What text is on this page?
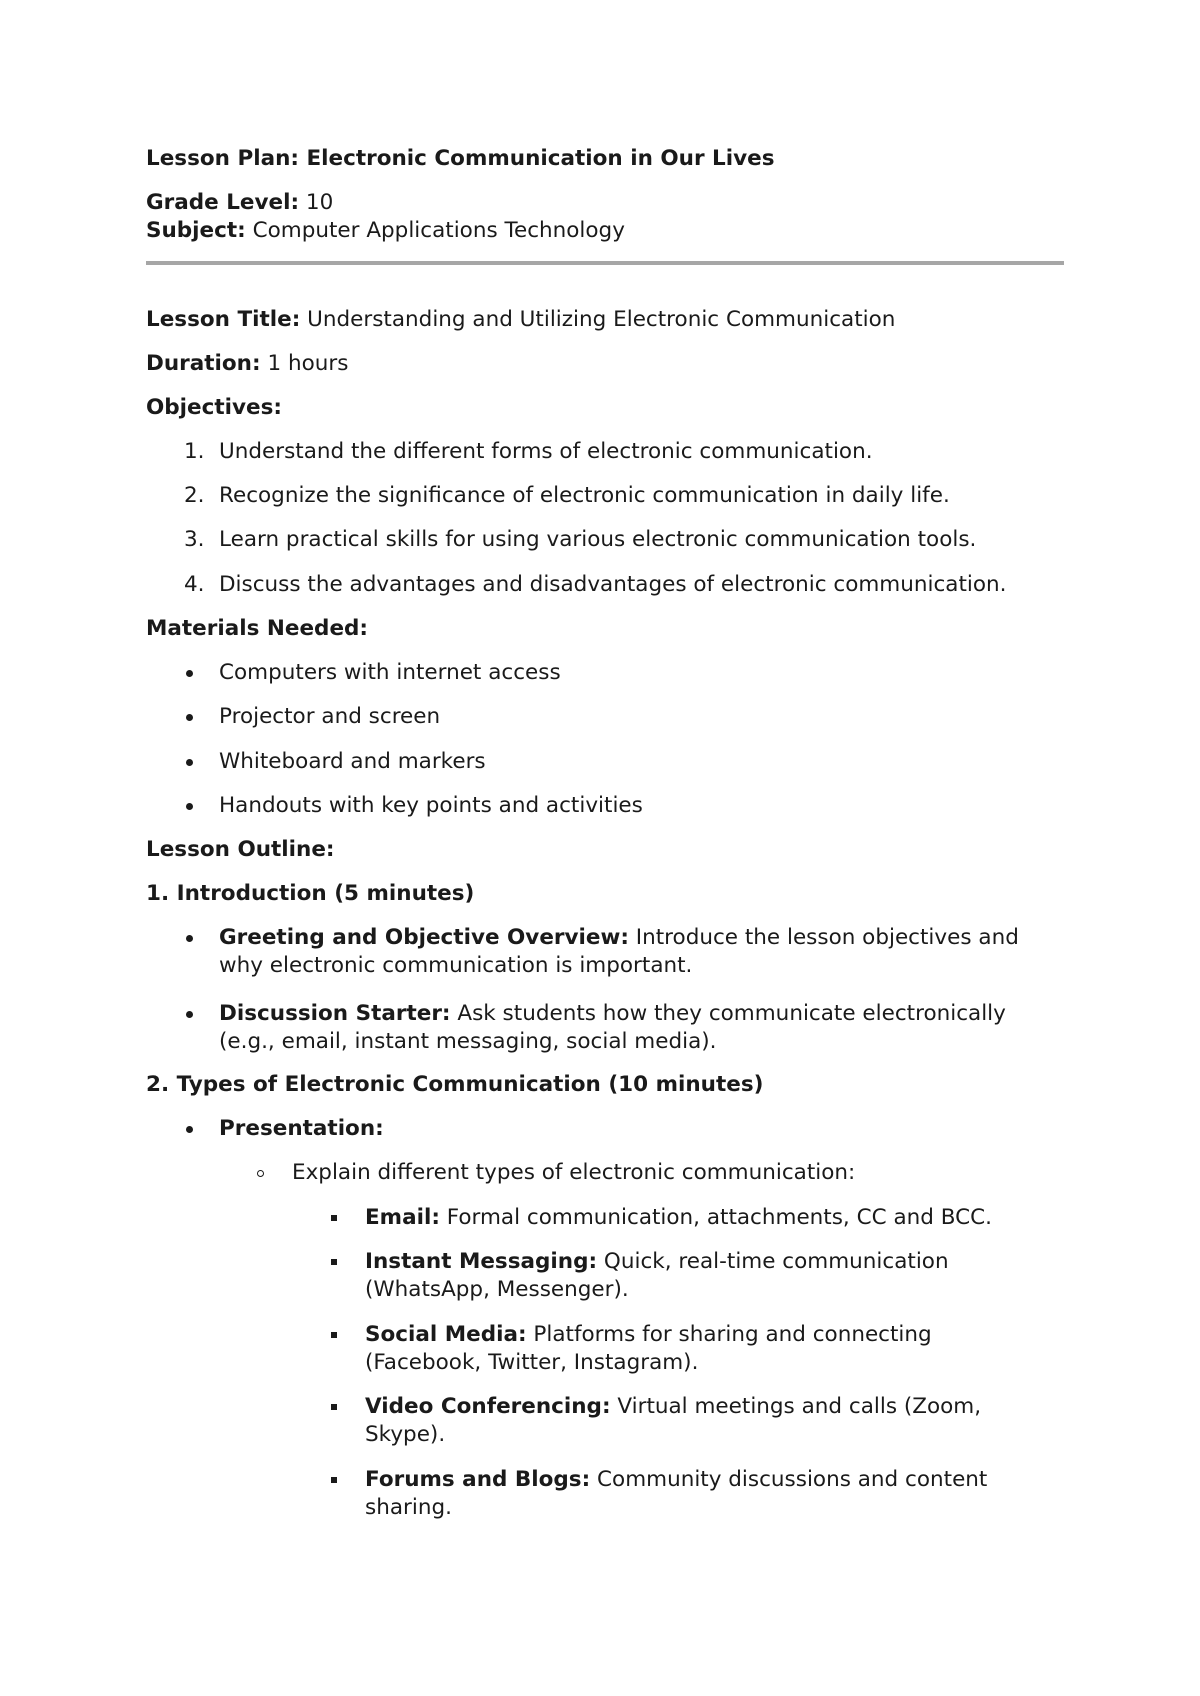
Lesson Plan: Electronic Communication in Our Lives
Grade Level: 10
Subject: Computer Applications Technology
Lesson Title: Understanding and Utilizing Electronic Communication
Duration: 1 hours
Objectives:
1. Understand the different forms of electronic communication.
2. Recognize the significance of electronic communication in daily life.
3. Learn practical skills for using various electronic communication tools.
4. Discuss the advantages and disadvantages of electronic communication.
Materials Needed:
Computers with internet access
Projector and screen
Whiteboard and markers
Handouts with key points and activities
Lesson Outline:
1. Introduction (5 minutes)
Greeting and Objective Overview: Introduce the lesson objectives and
why electronic communication is important.
Discussion Starter: Ask students how they communicate electronically
(e.g., email, instant messaging, social media).
2. Types of Electronic Communication (10 minutes)
Presentation:
Explain different types of electronic communication:
Email: Formal communication, attachments, CC and BCC.
Instant Messaging: Quick, real-time communication
(WhatsApp, Messenger).
Social Media: Platforms for sharing and connecting
(Facebook, Twitter, Instagram).
Video Conferencing: Virtual meetings and calls (Zoom,
Skype).
Forums and Blogs: Community discussions and content
sharing.
